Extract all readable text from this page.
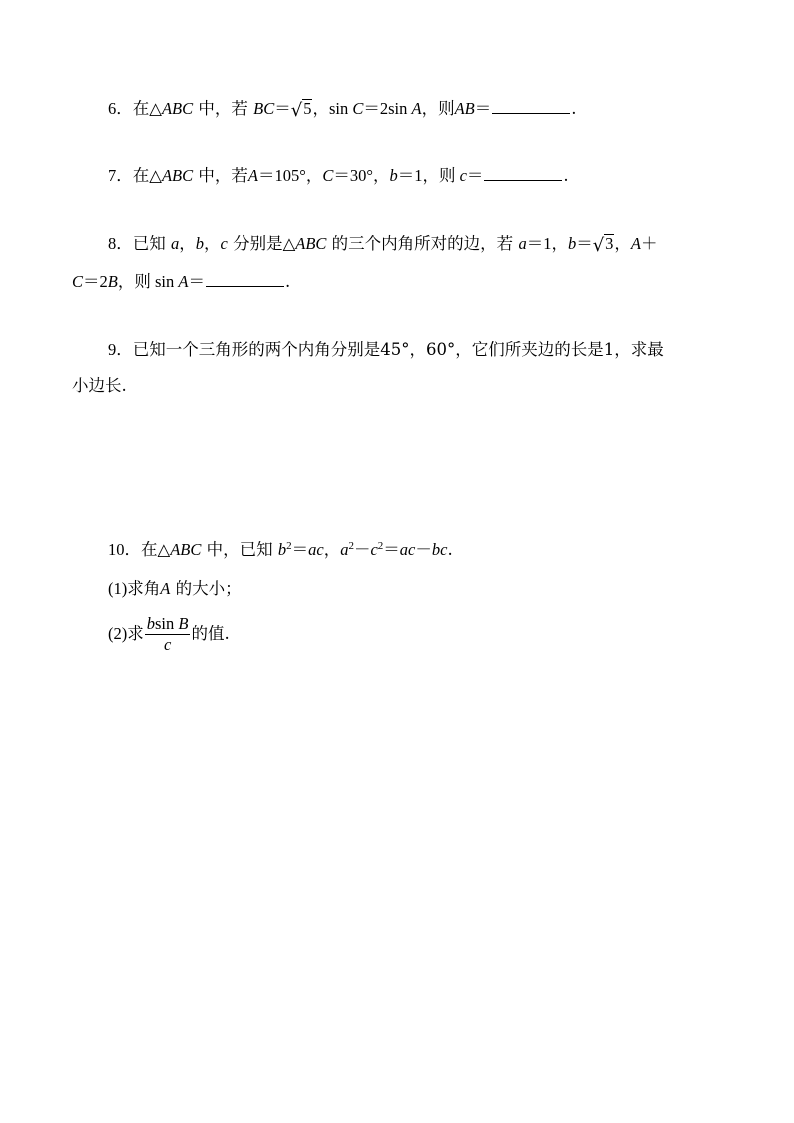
6．在△ABC 中，若 BC＝√5，sin C＝2sin A，则AB＝	.
7．在△ABC 中，若A＝105°，C＝30°，b＝1，则 c＝	.
8．已知 a，b，c 分别是△ABC 的三个内角所对的边，若 a＝1，b＝√3，A＋
C＝2B，则 sin A＝	.
9．已知一个三角形的两个内角分别是45°，60°，它们所夹边的长是1，求最
小边长.
10．在△ABC 中，已知 $b^2=ac$，$a^2-c^2=ac-bc$.
(1)求角A 的大小；
(2)求 $\frac{\text{bsin B}}{c}$ 的值.
